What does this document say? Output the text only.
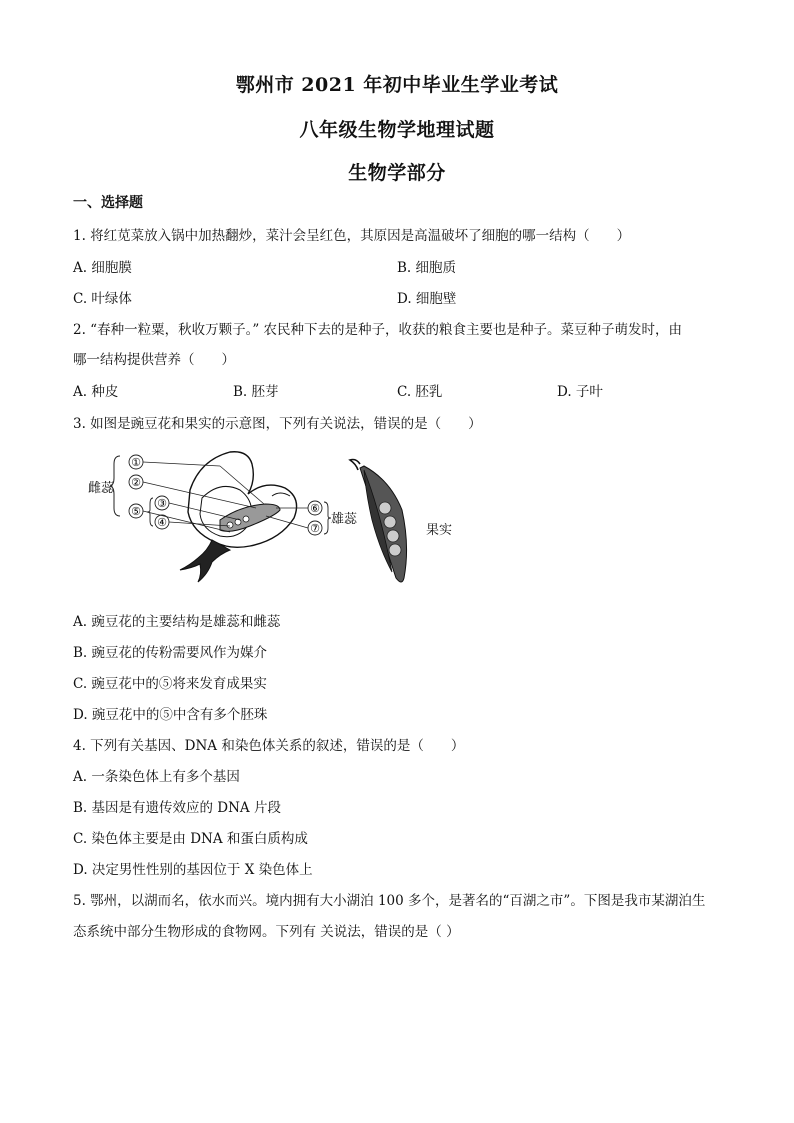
鄂州市 2021 年初中毕业生学业考试
八年级生物学地理试题
生物学部分
一、选择题
1. 将红苋菜放入锅中加热翻炒，菜汁会呈红色，其原因是高温破坏了细胞的哪一结构（　　）
A. 细胞膜	B. 细胞质
C. 叶绿体	D. 细胞壁
2. “春种一粒粟，秋收万颗子。” 农民种下去的是种子，收获的粮食主要也是种子。菜豆种子萌发时，由
哪一结构提供营养（　　）
A. 种皮	B. 胚芽	C. 胚乳	D. 子叶
3. 如图是豌豆花和果实的示意图，下列有关说法，错误的是（　　）
雌蕊
①
②
⑤
③
④
⑥
⑦
雄蕊
果实
A. 豌豆花的主要结构是雄蕊和雌蕊
B. 豌豆花的传粉需要风作为媒介
C. 豌豆花中的⑤将来发育成果实
D. 豌豆花中的⑤中含有多个胚珠
4. 下列有关基因、DNA 和染色体关系的叙述，错误的是（　　）
A. 一条染色体上有多个基因
B. 基因是有遗传效应的 DNA 片段
C. 染色体主要是由 DNA 和蛋白质构成
D. 决定男性性别的基因位于 X 染色体上
5. 鄂州，以湖而名，依水而兴。境内拥有大小湖泊 100 多个，是著名的“百湖之市”。下图是我市某湖泊生
态系统中部分生物形成的食物网。下列有 关说法，错误的是（ ）
